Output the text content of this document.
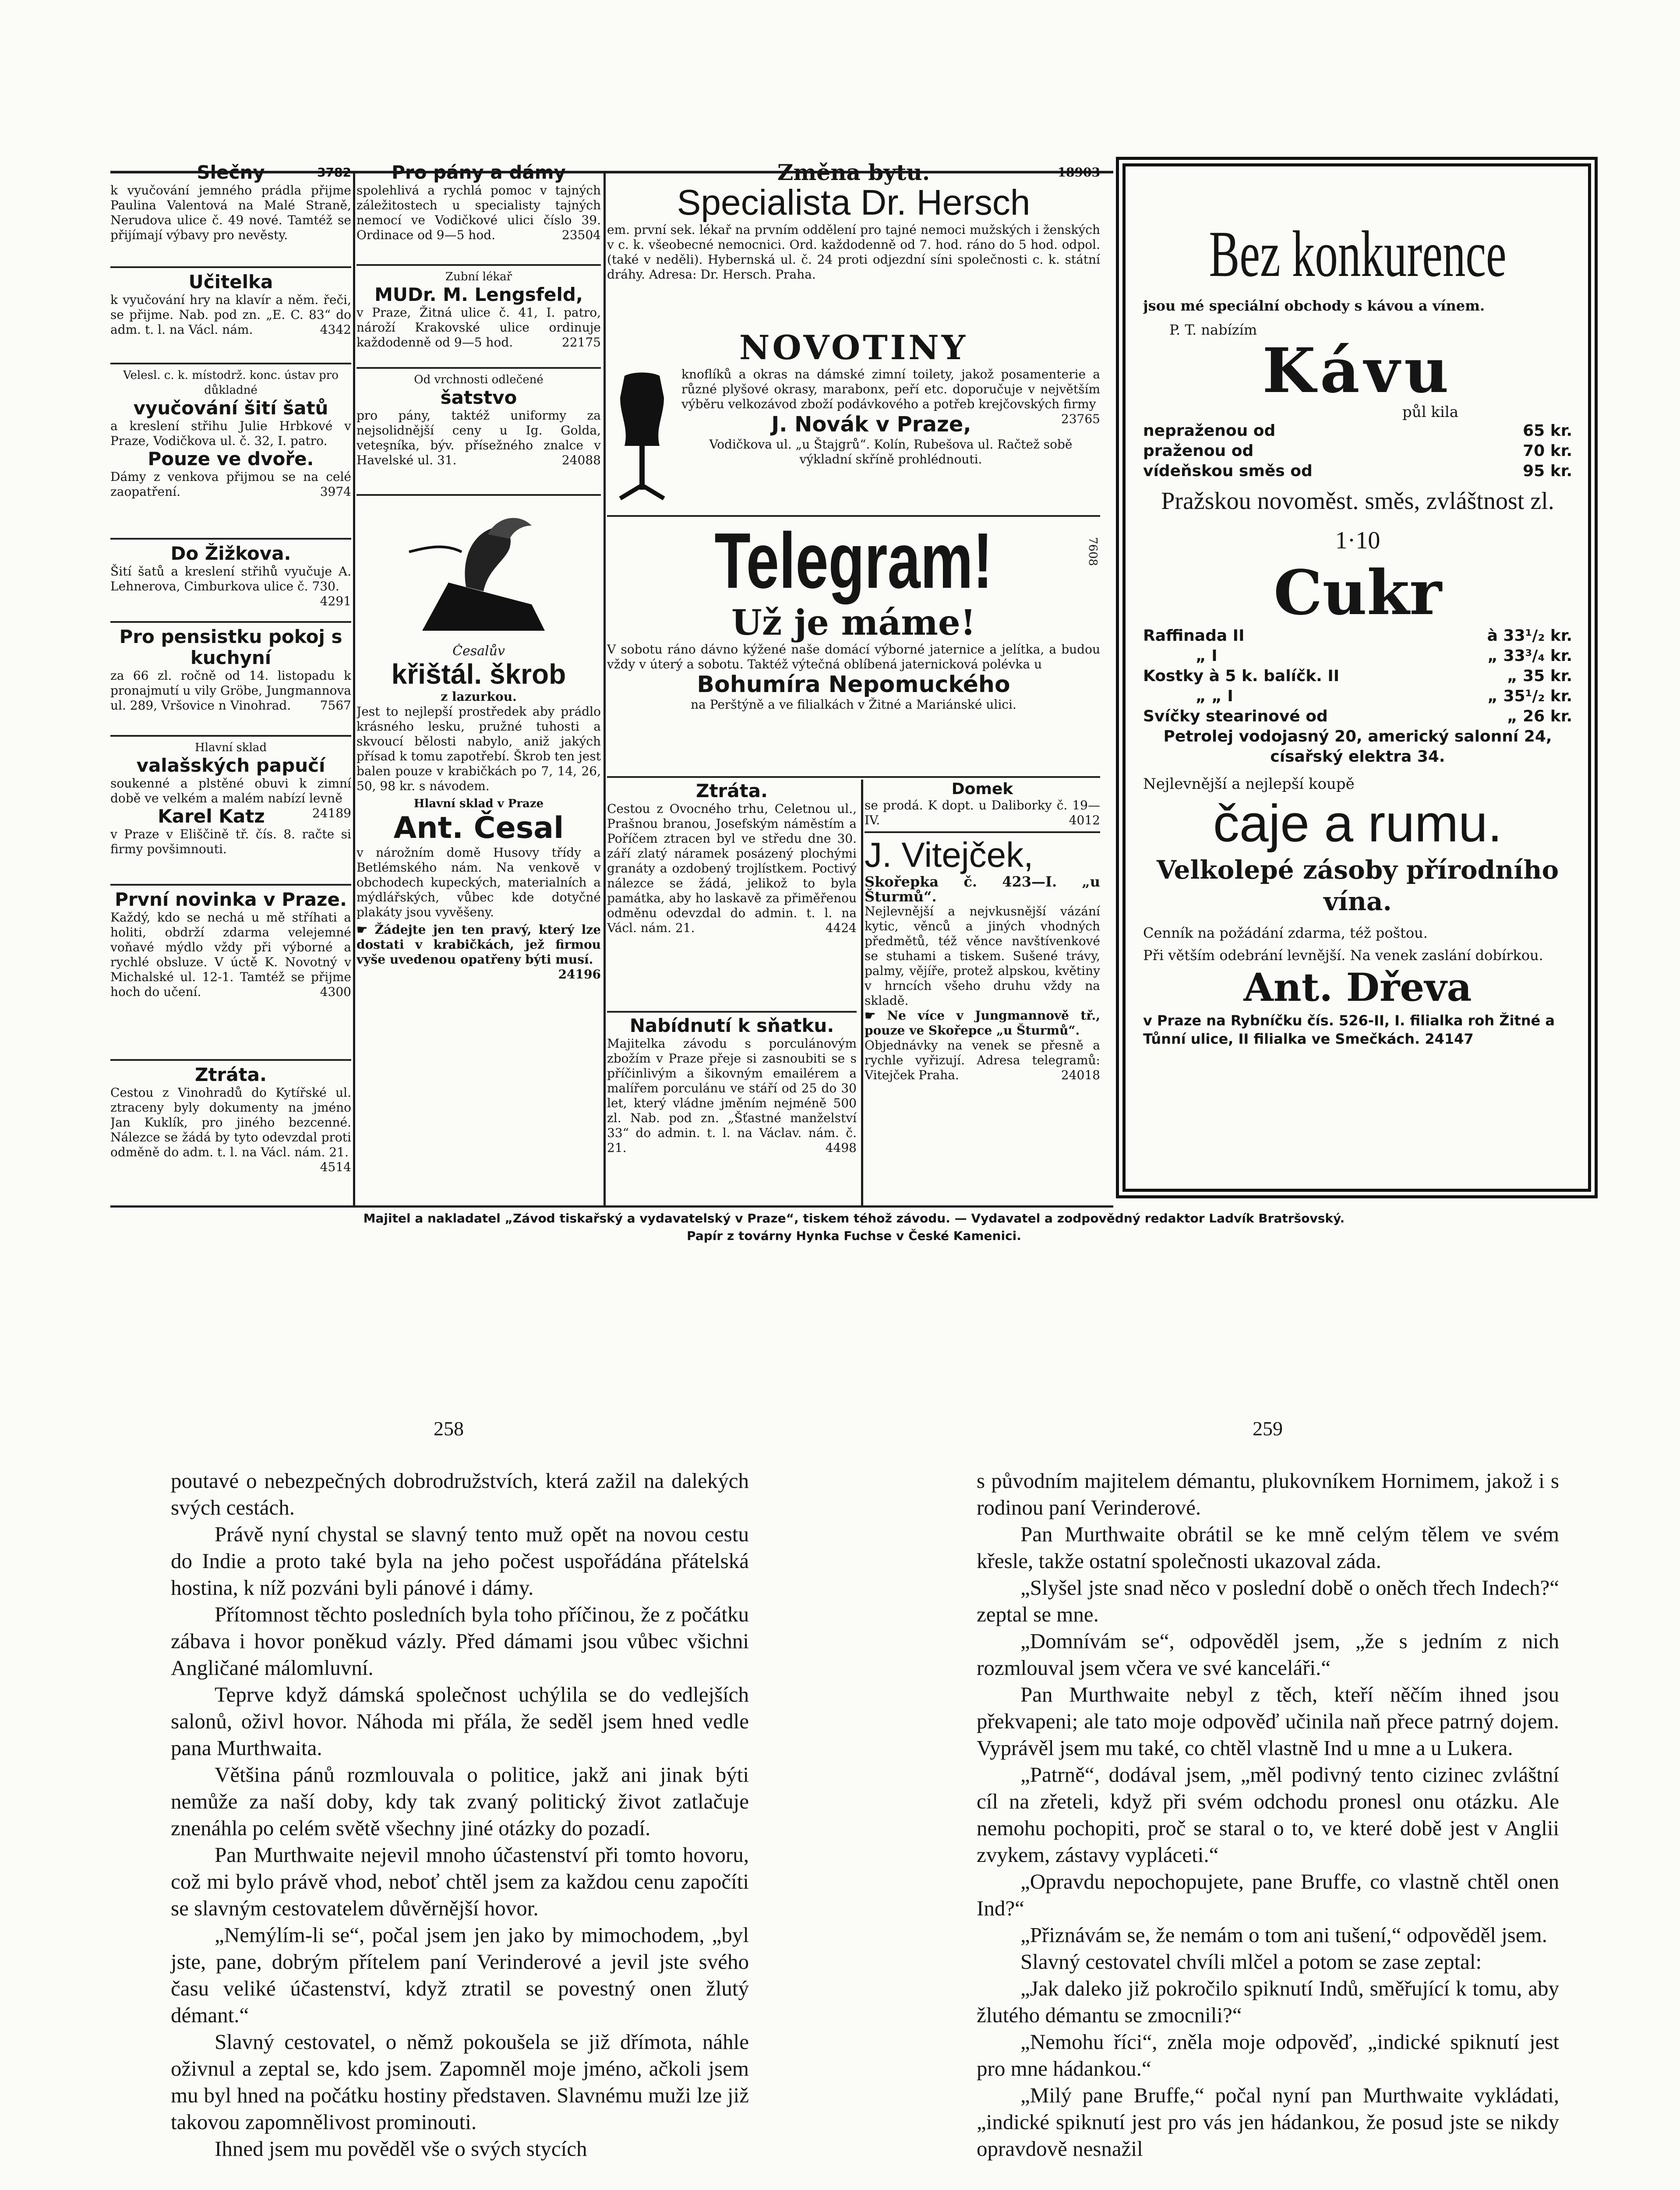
Slečny	3782
k vyučování jemného prádla přijme Paulina Valentová na Malé Straně, Nerudova ulice č. 49 nové. Tamtéž se přijímají výbavy pro nevěsty.
Učitelka
k vyučování hry na klavír a něm. řeči, se přijme. Nab. pod zn. „E. C. 83“ do adm. t. l. na Václ. nám.	4342
Velesl. c. k. místodrž. konc. ústav pro důkladné
vyučování šití šatů
a kreslení střihu Julie Hrbkové v Praze, Vodičkova ul. č. 32, I. patro.
Pouze ve dvoře.
Dámy z venkova přijmou se na celé zaopatření.	3974
Do Žižkova.
Šití šatů a kreslení střihů vyučuje A. Lehnerova, Cimburkova ulice č. 730.
4291
Pro pensistku pokoj s kuchyní
za 66 zl. ročně od 14. listopadu k pronajmutí u vily Gröbe, Jungmannova ul. 289, Vršovice n Vinohrad. 7567
Hlavní sklad
valašských papučí
soukenné a plstěné obuvi k zimní době ve velkém a malém nabízí levně
24189
Karel Katz
v Praze v Eliščině tř. čís. 8. račte si firmy povšimnouti.
První novinka v Praze.
Každý, kdo se nechá u mě stříhati a holiti, obdrží zdarma velejemné voňavé mýdlo vždy při výborné a rychlé obsluze. V úctě K. Novotný v Michalské ul. 12-1. Tamtéž se přijme hoch do učení.	4300
Ztráta.
Cestou z Vinohradů do Kytířské ul. ztraceny byly dokumenty na jméno Jan Kuklík, pro jiného bezcenné. Nálezce se žádá by tyto odevzdal proti odměně do adm. t. l. na Václ. nám. 21.
4514
Pro pány a dámy
spolehlivá a rychlá pomoc v tajných záležitostech u specialisty tajných nemocí ve Vodičkové ulici číslo 39. Ordinace od 9—5 hod.	23504
Zubní lékař
MUDr. M. Lengsfeld,
v Praze, Žitná ulice č. 41, I. patro, nároží Krakovské ulice ordinuje každodenně od 9—5 hod.	22175
Od vrchnosti odlečené
šatstvo
pro pány, taktéž uniformy za nejsolidnější ceny u Ig. Golda, veteşníka, býv. přísežného znalce v Havelské ul. 31.	24088
Česalův
křištál. škrob
z lazurkou.
Jest to nejlepší prostředek aby prádlo krásného lesku, pružné tuhosti a skvoucí bělosti nabylo, aniž jakých přísad k tomu zapotřebí. Škrob ten jest balen pouze v krabičkách po 7, 14, 26, 50, 98 kr. s návodem.
Hlavní sklad v Praze
Ant. Česal
v nárožním domě Husovy třídy a Betlémského nám. Na venkově v obchodech kupeckých, materialních a mýdlářských, vůbec kde dotyčné plakáty jsou vyvěšeny.
☛ Žádejte jen ten pravý, který lze dostati v krabičkách, jež firmou vyše uvedenou opatřeny býti musí.
24196
Změna bytu.	18903
Specialista Dr. Hersch
em. první sek. lékař na prvním oddělení pro tajné nemoci mužských i ženských v c. k. všeobecné nemocnici. Ord. každodenně od 7. hod. ráno do 5 hod. odpol. (také v neděli). Hybernská ul. č. 24 proti odjezdní síni společnosti c. k. státní dráhy. Adresa: Dr. Hersch. Praha.
NOVOTINY
knoflíků a okras na dámské zimní toilety, jakož posamenterie a různé plyšové okrasy, marabonx, peří etc. doporučuje v největším výběru velkozávod zboží podávkového a potřeb krejčovských firmy
23765
J. Novák v Praze,
Vodičkova ul. „u Štajgrů“. Kolín, Rubešova ul. Račtež sobě výkladní skříně prohlédnouti.
Telegram!	7608
Už je máme!
V sobotu ráno dávno kýžené naše domácí výborné jaternice a jelítka, a budou vždy v úterý a sobotu. Taktéž výtečná oblíbená jaternicková polévka u
Bohumíra Nepomuckého
na Perštýně a ve filialkách v Žitné a Mariánské ulici.
Ztráta.
Cestou z Ovocného trhu, Celetnou ul., Prašnou branou, Josefským náměstím a Poříčem ztracen byl ve středu dne 30. září zlatý náramek posázený plochými granáty a ozdobený trojlístkem. Poctivý nálezce se žádá, jelikož to byla památka, aby ho laskavě za přiměřenou odměnu odevzdal do admin. t. l. na Václ. nám. 21.	4424
Nabídnutí k sňatku.
Majitelka závodu s porculánovým zbožím v Praze přeje si zasnoubiti se s příčinlivým a šikovným emailérem a malířem porculánu ve stáří od 25 do 30 let, který vládne jměním nejméně 500 zl. Nab. pod zn. „Šťastné manželství 33“ do admin. t. l. na Václav. nám. č. 21.	4498
Domek
se prodá. K dopt. u Daliborky č. 19—IV.	4012
J. Vitejček,
Skořepka č. 423—I. „u Šturmů“.
Nejlevnější a nejvkusnější vázání kytic, věnců a jiných vhodných předmětů, též věnce navštívenkové se stuhami a tiskem. Sušené trávy, palmy, vějíře, protež alpskou, květiny v hrncích všeho druhu vždy na skladě.
☛ Ne více v Jungmannově tř., pouze ve Skořepce „u Šturmů“.
Objednávky na venek se přesně a rychle vyřizují. Adresa telegramů: Vitejček Praha.	24018
Bez konkurence
jsou mé speciální obchody s kávou a vínem.
P. T. nabízím
Kávu
půl kila
nepraženou od	65 kr.
praženou od	70 kr.
vídeňskou směs od	95 kr.
Pražskou novoměst. směs, zvláštnost zl. 1·10
Cukr
Raffinada II	à 33¹/₂ kr.
„ I	„ 33³/₄ kr.
Kostky à 5 k. balíčk. II	„ 35 kr.
„ „ I	„ 35¹/₂ kr.
Svíčky stearinové od	„ 26 kr.
Petrolej vodojasný 20, americký salonní 24, císařský elektra 34.
Nejlevnější a nejlepší koupě
čaje a rumu.
Velkolepé zásoby přírodního vína.
Cenník na požádání zdarma, též poštou.
Při větším odebrání levnější. Na venek zaslání dobírkou.
Ant. Dřeva
v Praze na Rybníčku čís. 526-II, I. filialka roh Žitné a Tůnní ulice, II filialka ve Smečkách. 24147
Majitel a nakladatel „Závod tiskařský a vydavatelský v Praze“, tiskem téhož závodu. — Vydavatel a zodpovědný redaktor Ladvík Bratršovský.
Papír z továrny Hynka Fuchse v České Kamenici.
258	259

poutavé o nebezpečných dobrodružstvích, která zažil na dalekých svých cestách.

Právě nyní chystal se slavný tento muž opět na novou cestu do Indie a proto také byla na jeho počest uspořádána přátelská hostina, k níž pozváni byli pánové i dámy.

Přítomnost těchto posledních byla toho příčinou, že z počátku zábava i hovor poněkud vázly. Před dámami jsou vůbec všichni Angličané málomluvní.

Teprve když dámská společnost uchýlila se do vedlejších salonů, oživl hovor. Náhoda mi přála, že seděl jsem hned vedle pana Murthwaita.

Většina pánů rozmlouvala o politice, jakž ani jinak býti nemůže za naší doby, kdy tak zvaný politický život zatlačuje znenáhla po celém světě všechny jiné otázky do pozadí.

Pan Murthwaite nejevil mnoho účastenství při tomto hovoru, což mi bylo právě vhod, neboť chtěl jsem za každou cenu započíti se slavným cestovatelem důvěrnější hovor.

„Nemýlím-li se“, počal jsem jen jako by mimochodem, „byl jste, pane, dobrým přítelem paní Verinderové a jevil jste svého času veliké účastenství, když ztratil se povestný onen žlutý démant.“

Slavný cestovatel, o němž pokoušela se již dřímota, náhle oživnul a zeptal se, kdo jsem. Zapomněl moje jméno, ačkoli jsem mu byl hned na počátku hostiny představen. Slavnému muži lze již takovou zapomnělivost prominouti.

Ihned jsem mu pověděl vše o svých stycích

s původním majitelem démantu, plukovníkem Hornimem, jakož i s rodinou paní Verinderové.

Pan Murthwaite obrátil se ke mně celým tělem ve svém křesle, takže ostatní společnosti ukazoval záda.

„Slyšel jste snad něco v poslední době o oněch třech Indech?“ zeptal se mne.

„Domnívám se“, odpověděl jsem, „že s jedním z nich rozmlouval jsem včera ve své kanceláři.“

Pan Murthwaite nebyl z těch, kteří něčím ihned jsou překvapeni; ale tato moje odpověď učinila naň přece patrný dojem. Vyprávěl jsem mu také, co chtěl vlastně Ind u mne a u Lukera.

„Patrně“, dodával jsem, „měl podivný tento cizinec zvláštní cíl na zřeteli, když při svém odchodu pronesl onu otázku. Ale nemohu pochopiti, proč se staral o to, ve které době jest v Anglii zvykem, zástavy vypláceti.“

„Opravdu nepochopujete, pane Bruffe, co vlastně chtěl onen Ind?“

„Přiznávám se, že nemám o tom ani tušení,“ odpověděl jsem.

Slavný cestovatel chvíli mlčel a potom se zase zeptal:

„Jak daleko již pokročilo spiknutí Indů, směřující k tomu, aby žlutého démantu se zmocnili?“

„Nemohu říci“, zněla moje odpověď, „indické spiknutí jest pro mne hádankou.“

„Milý pane Bruffe,“ počal nyní pan Murthwaite vykládati, „indické spiknutí jest pro vás jen hádankou, že posud jste se nikdy opravdově nesnažil
